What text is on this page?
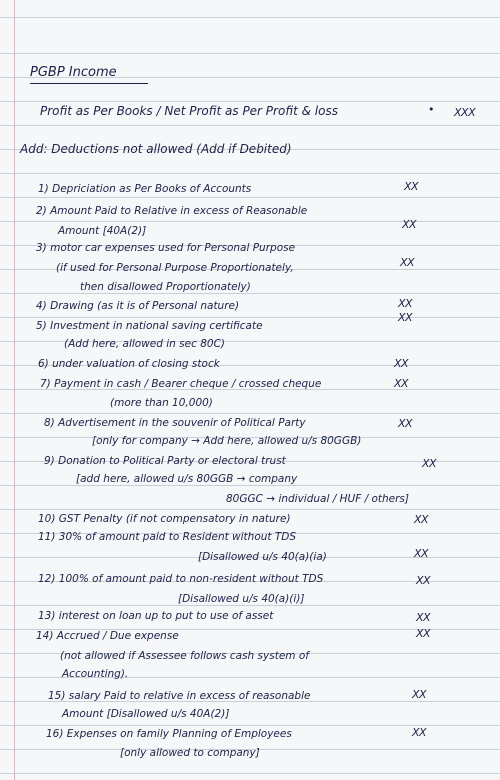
PGBP Income
Profit as Per Books / Net Profit as Per Profit & loss	• XXX
Add: Deductions not allowed (Add if Debited)
1) Depriciation as Per Books of Accounts	XX
2) Amount Paid to Relative in excess of Reasonable
Amount [40A(2)]	XX
3) motor car expenses used for Personal Purpose
(if used for Personal Purpose Proportionately,
then disallowed Proportionately)
XX
4) Drawing (as it is of Personal nature)	XX
5) Investment in national saving certificate
(Add here, allowed in sec 80C)
XX
6) under valuation of closing stock	XX
7) Payment in cash / Bearer cheque / crossed cheque
(more than 10,000)
XX
8) Advertisement in the souvenir of Political Party
[only for company → Add here, allowed u/s 80GGB)
XX
9) Donation to Political Party or electoral trust
[add here, allowed u/s 80GGB → company
80GGC → individual / HUF / others]
XX
10) GST Penalty (if not compensatory in nature)	XX
11) 30% of amount paid to Resident without TDS
[Disallowed u/s 40(a)(ia)	XX
12) 100% of amount paid to non-resident without TDS
[Disallowed u/s 40(a)(i)]
XX
13) interest on loan up to put to use of asset	XX
14) Accrued / Due expense
(not allowed if Assessee follows cash system of
Accounting).
XX
15) salary Paid to relative in excess of reasonable
Amount [Disallowed u/s 40A(2)]
XX
16) Expenses on family Planning of Employees
[only allowed to company]
XX
